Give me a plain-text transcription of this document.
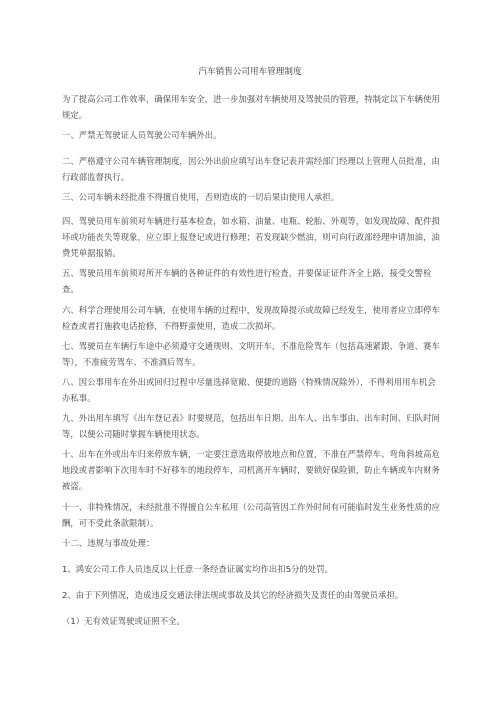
汽车销售公司用车管理制度

为了提高公司工作效率，确保用车安全，进一步加强对车辆使用及驾驶员的管理，特制定以下车辆使用规定。

一、严禁无驾驶证人员驾驶公司车辆外出。

二、严格遵守公司车辆管理制度，因公外出前应填写出车登记表并需经部门经理以上管理人员批准，由行政部监督执行。

三、公司车辆未经批准不得擅自使用，否则造成的一切后果由使用人承担。

四、驾驶员用车前须对车辆进行基本检查，如水箱、油量、电瓶、轮胎、外观等，如发现故障、配件损坏或功能丧失等现象，应立即上报登记或进行修理；若发现缺少燃油，则可向行政部经理申请加油，油费凭单据报销。

五、驾驶员用车前须对所开车辆的各种证件的有效性进行检查，并要保证证件齐全上路，接受交警检查。

六、科学合理使用公司车辆，在使用车辆的过程中，发现故障提示或故障已经发生，使用者应立即停车检查或者打施救电话抢修，不得野蛮使用，造成二次损坏。

七、驾驶员在车辆行车途中必须遵守交通规则、文明开车，不准危险驾车（包括高速紧跟、争道、赛车等），不准疲劳驾车、不准酒后驾车。

八、因公事用车在外出或回归过程中尽量选择宽敞、便捷的道路（特殊情况除外），不得利用用车机会办私事。

九、外出用车填写《出车登记表》时要规范，包括出车日期、出车人、出车事由、出车时间、归队时间等，以便公司随时掌握车辆使用状态。

十、出车在外或出车归来停放车辆，一定要注意选取停放地点和位置，不准在严禁停车、弯角斜坡高危地段或者影响下次用车时不好移车的地段停车，司机离开车辆时，要锁好保险锁，防止车辆或车内财务被盗。

十一、非特殊情况，未经批准不得擅自公车私用（公司高管因工作外时间有可能临时发生业务性质的应酬，可不受此条款限制）。

十二、违规与事故处理：

1、鸿安公司工作人员违反以上任意一条经查证属实均作出扣5分的处罚。

2、由于下列情况，造成违反交通法律法规或事故及其它的经济损失及责任的由驾驶员承担。

（1）无有效证驾驶或证照不全。
